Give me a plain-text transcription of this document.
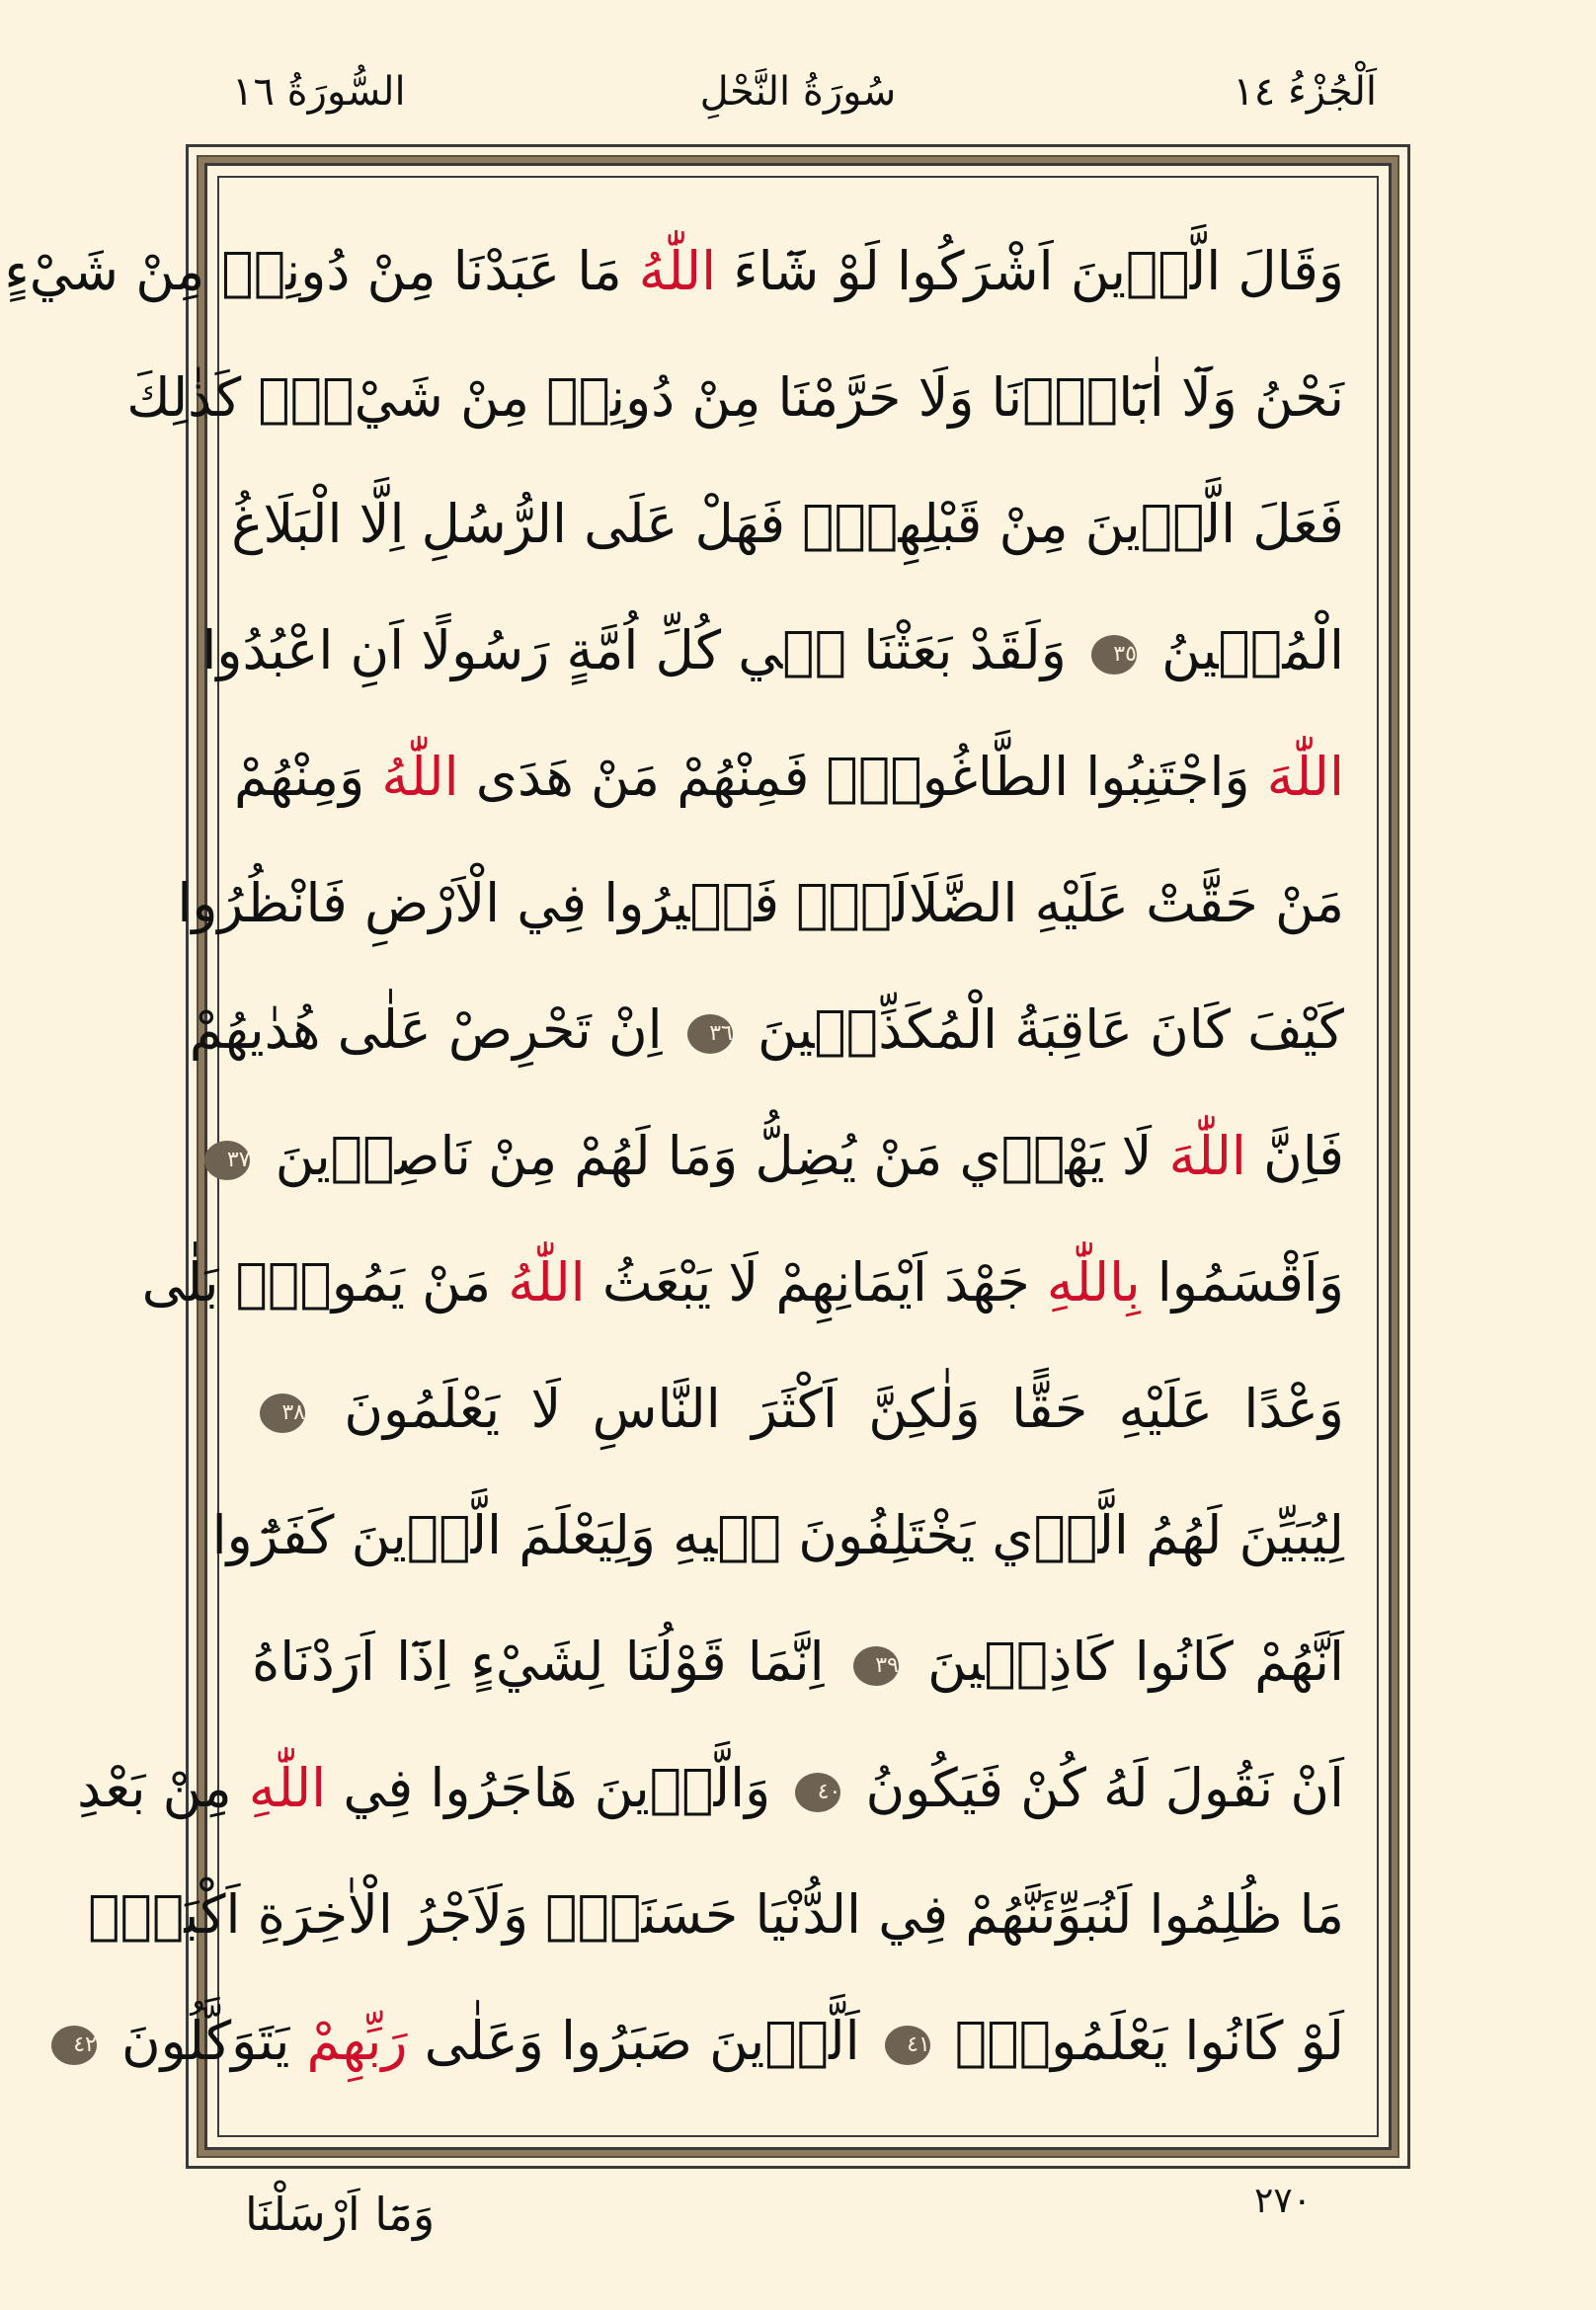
السُّورَةُ ١٦	سُورَةُ النَّحْلِ	اَلْجُزْءُ ١٤
وَقَالَ الَّذ۪ينَ اَشْرَكُوا لَوْ شَٓاءَ اللّٰهُ مَا عَبَدْنَا مِنْ دُونِه۪ مِنْ شَيْءٍ
نَحْنُ وَلَٓا اٰبَٓاؤُ۬نَا وَلَا حَرَّمْنَا مِنْ دُونِه۪ مِنْ شَيْءٍۜ كَذٰلِكَ
فَعَلَ الَّذ۪ينَ مِنْ قَبْلِهِمْۚ فَهَلْ عَلَى الرُّسُلِ اِلَّا الْبَلَاغُ
الْمُب۪ينُ ٣٥ وَلَقَدْ بَعَثْنَا ف۪ي كُلِّ اُمَّةٍ رَسُولًا اَنِ اعْبُدُوا
اللّٰهَ وَاجْتَنِبُوا الطَّاغُوتَۚ فَمِنْهُمْ مَنْ هَدَى اللّٰهُ وَمِنْهُمْ
مَنْ حَقَّتْ عَلَيْهِ الضَّلَالَةُۜ فَس۪يرُوا فِي الْاَرْضِ فَانْظُرُوا
كَيْفَ كَانَ عَاقِبَةُ الْمُكَذِّب۪ينَ ٣٦ اِنْ تَحْرِصْ عَلٰى هُدٰيهُمْ
فَاِنَّ اللّٰهَ لَا يَهْد۪ي مَنْ يُضِلُّ وَمَا لَهُمْ مِنْ نَاصِر۪ينَ ٣٧
وَاَقْسَمُوا بِاللّٰهِ جَهْدَ اَيْمَانِهِمْ لَا يَبْعَثُ اللّٰهُ مَنْ يَمُوتُۜ بَلٰى
وَعْدًا عَلَيْهِ حَقًّا وَلٰكِنَّ اَكْثَرَ النَّاسِ لَا يَعْلَمُونَ ٣٨
لِيُبَيِّنَ لَهُمُ الَّذ۪ي يَخْتَلِفُونَ ف۪يهِ وَلِيَعْلَمَ الَّذ۪ينَ كَفَرُٓوا
اَنَّهُمْ كَانُوا كَاذِب۪ينَ ٣٩ اِنَّمَا قَوْلُنَا لِشَيْءٍ اِذَٓا اَرَدْنَاهُ
اَنْ نَقُولَ لَهُ كُنْ فَيَكُونُ ٤٠ وَالَّذ۪ينَ هَاجَرُوا فِي اللّٰهِ مِنْ بَعْدِ
مَا ظُلِمُوا لَنُبَوِّئَنَّهُمْ فِي الدُّنْيَا حَسَنَةًۜ وَلَاَجْرُ الْاٰخِرَةِ اَكْبَرُۢ
لَوْ كَانُوا يَعْلَمُونَۙ ٤١ اَلَّذ۪ينَ صَبَرُوا وَعَلٰى رَبِّهِمْ يَتَوَكَّلُونَ ٤٢
٢٧٠
وَمَٓا اَرْسَلْنَا
